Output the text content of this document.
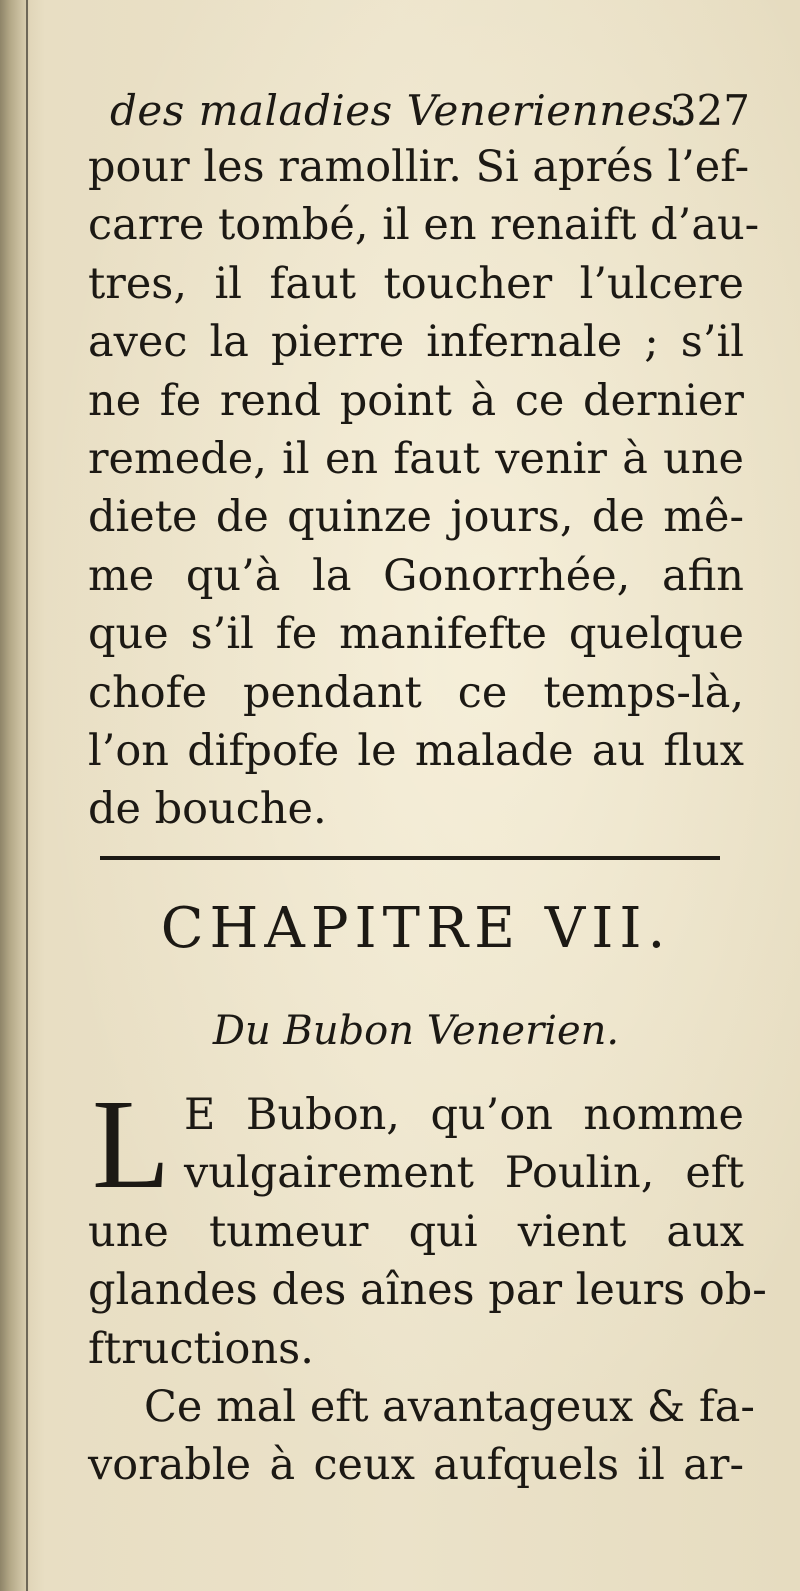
des maladies Veneriennes.
327
pour les ramollir. Si aprés l’ef-
carre tombé, il en renaift d’au-
tres, il faut toucher l’ulcere
avec la pierre infernale ; s’il
ne fe rend point à ce dernier
remede, il en faut venir à une
diete de quinze jours, de mê-
me qu’à la Gonorrhée, afin
que s’il fe manifefte quelque
chofe pendant ce temps-là,
l’on difpofe le malade au flux
de bouche.
CHAPITRE VII.
Du Bubon Venerien.
L E Bubon, qu’on nomme
vulgairement Poulin, eft
une tumeur qui vient aux
glandes des aînes par leurs ob-
ftructions.
Ce mal eft avantageux & fa-
vorable à ceux aufquels il ar-
